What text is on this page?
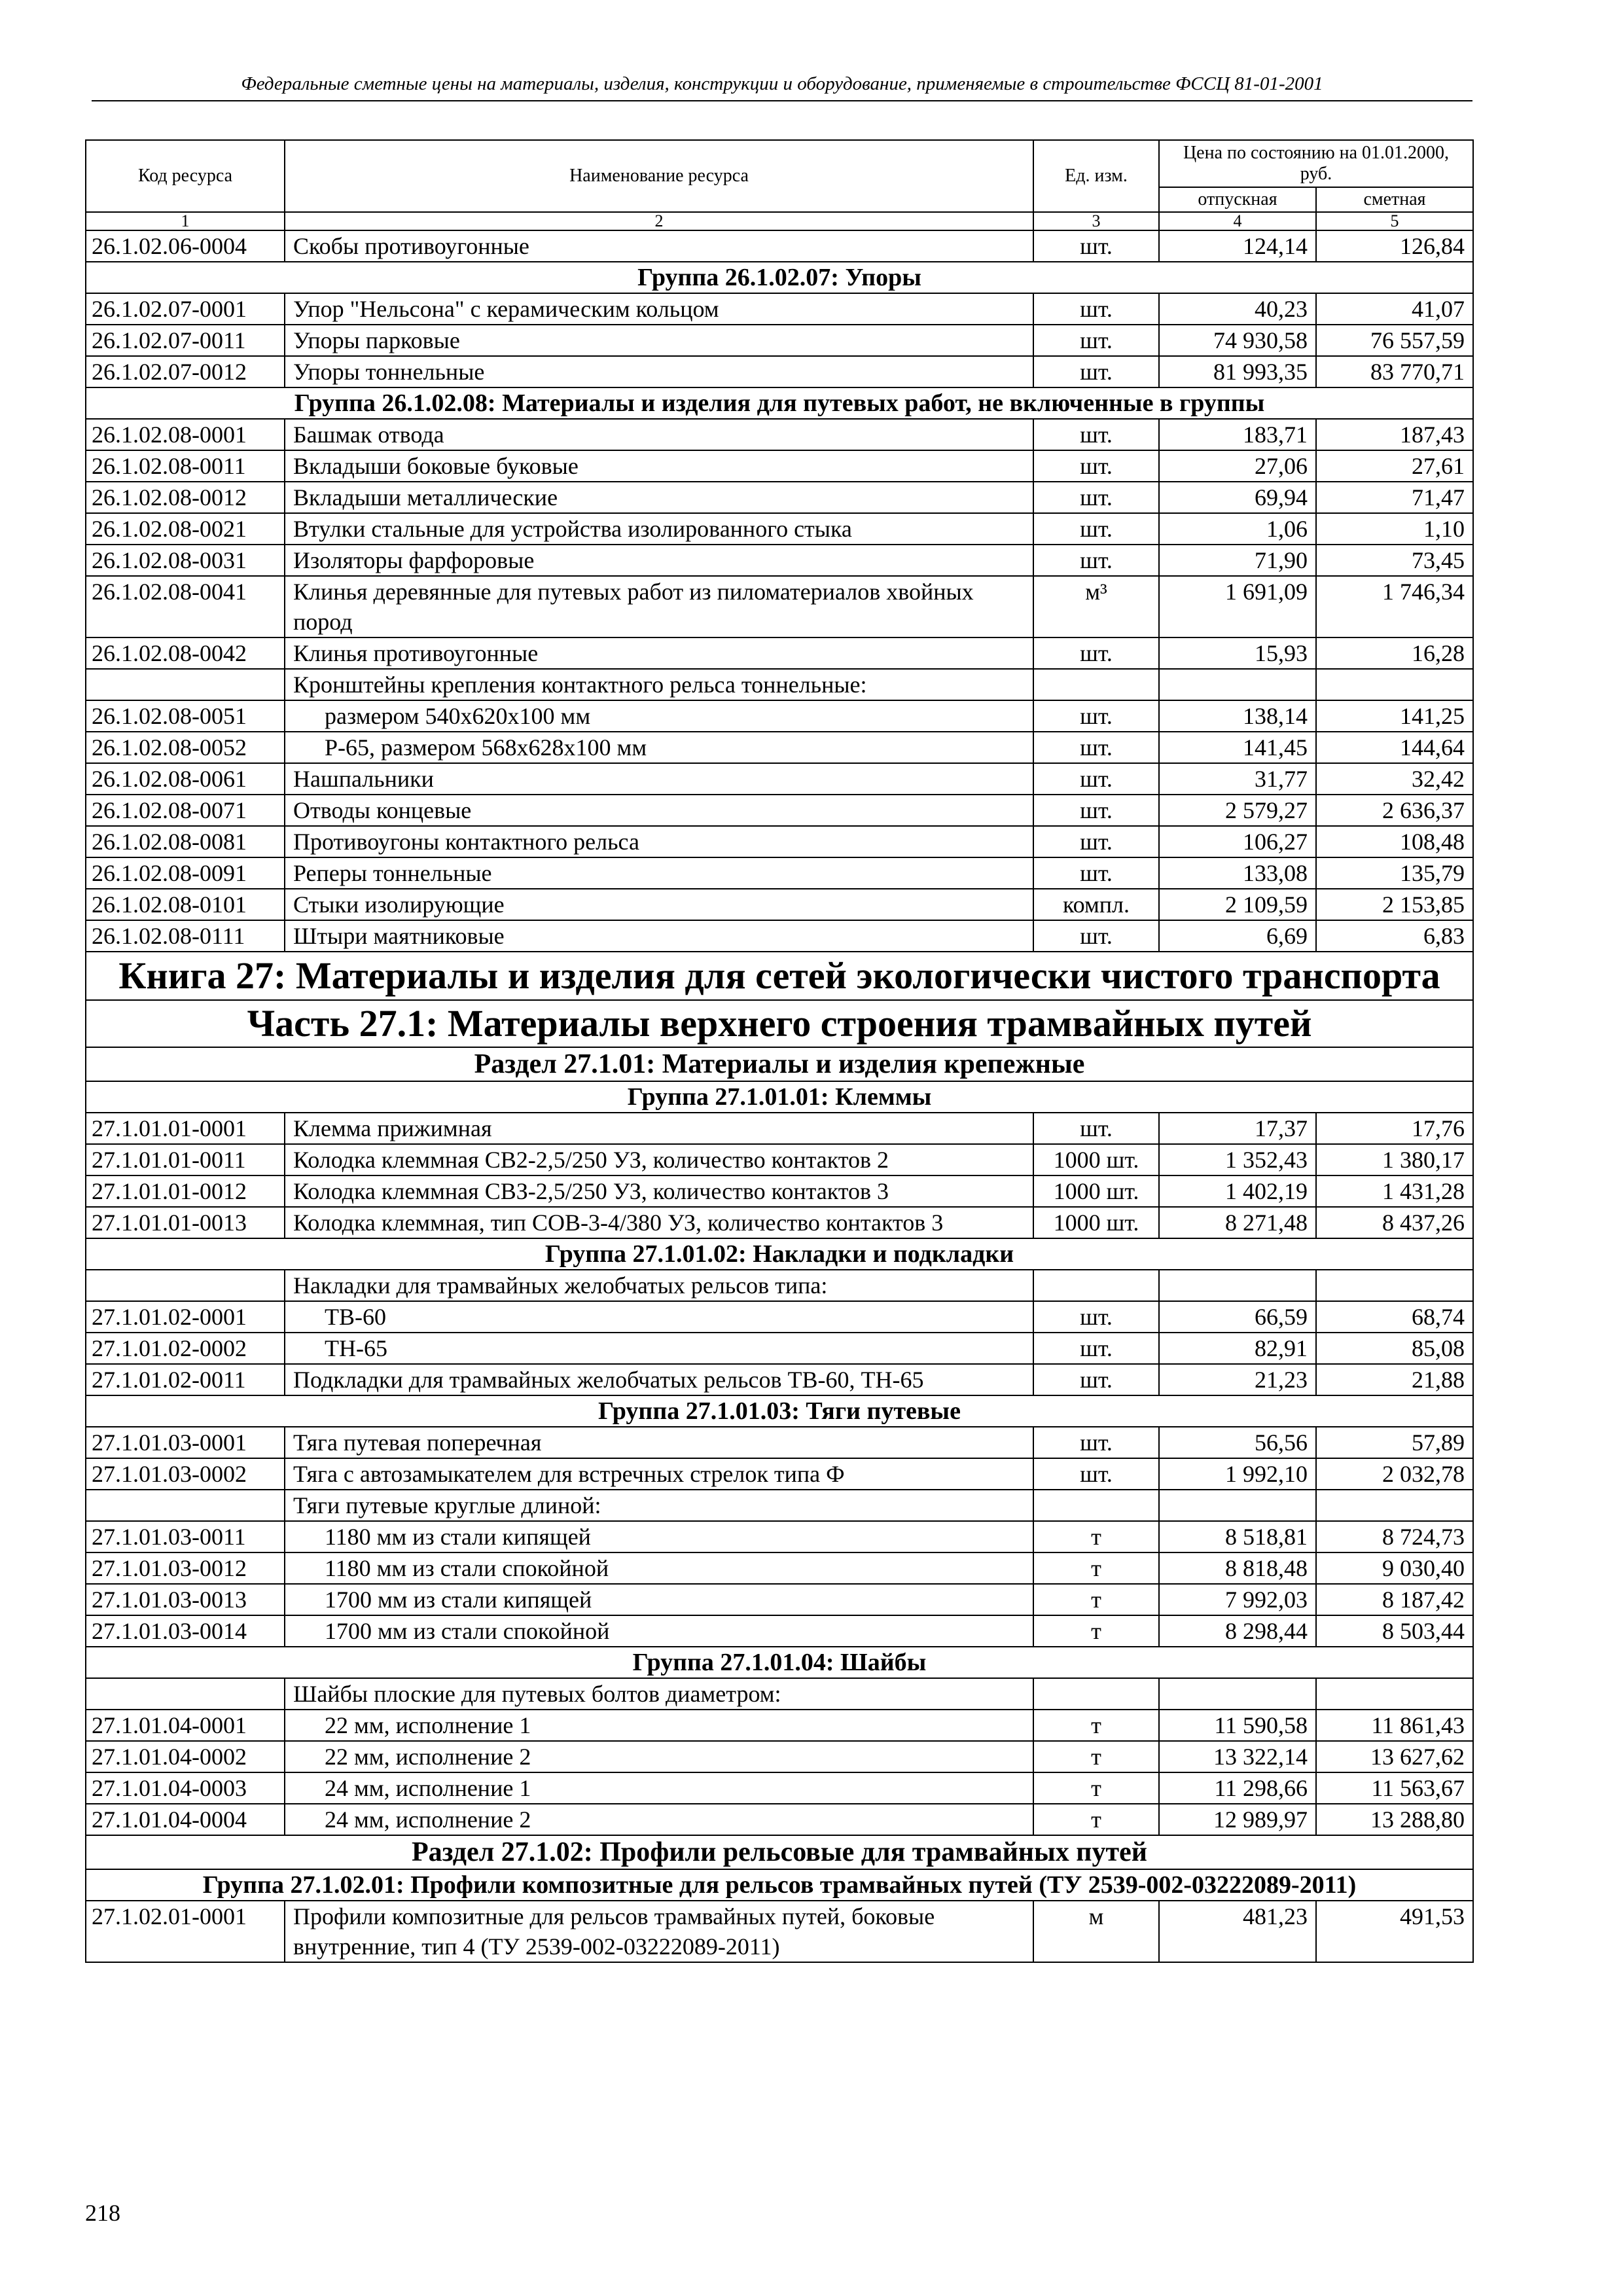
Федеральные сметные цены на материалы, изделия, конструкции и оборудование, применяемые в строительстве ФССЦ 81-01-2001
Код ресурса	Наименование ресурса	Ед. изм.	Цена по состоянию на 01.01.2000, руб.	
			отпускная	сметная
1	2	3	4	5
26.1.02.06-0004	Скобы противоугонные	шт.	124,14	126,84
Группа 26.1.02.07: Упоры				
26.1.02.07-0001	Упор "Нельсона" с керамическим кольцом	шт.	40,23	41,07
26.1.02.07-0011	Упоры парковые	шт.	74 930,58	76 557,59
26.1.02.07-0012	Упоры тоннельные	шт.	81 993,35	83 770,71
Группа 26.1.02.08: Материалы и изделия для путевых работ, не включенные в группы				
26.1.02.08-0001	Башмак отвода	шт.	183,71	187,43
26.1.02.08-0011	Вкладыши боковые буковые	шт.	27,06	27,61
26.1.02.08-0012	Вкладыши металлические	шт.	69,94	71,47
26.1.02.08-0021	Втулки стальные для устройства изолированного стыка	шт.	1,06	1,10
26.1.02.08-0031	Изоляторы фарфоровые	шт.	71,90	73,45
26.1.02.08-0041	Клинья деревянные для путевых работ из пиломатериалов хвойных пород	м³	1 691,09	1 746,34
26.1.02.08-0042	Клинья противоугонные	шт.	15,93	16,28
	Кронштейны крепления контактного рельса тоннельные:			
26.1.02.08-0051	размером 540x620x100 мм	шт.	138,14	141,25
26.1.02.08-0052	Р-65, размером 568x628x100 мм	шт.	141,45	144,64
26.1.02.08-0061	Нашпальники	шт.	31,77	32,42
26.1.02.08-0071	Отводы концевые	шт.	2 579,27	2 636,37
26.1.02.08-0081	Противоугоны контактного рельса	шт.	106,27	108,48
26.1.02.08-0091	Реперы тоннельные	шт.	133,08	135,79
26.1.02.08-0101	Стыки изолирующие	компл.	2 109,59	2 153,85
26.1.02.08-0111	Штыри маятниковые	шт.	6,69	6,83
Книга 27: Материалы и изделия для сетей экологически чистого транспорта				
Часть 27.1: Материалы верхнего строения трамвайных путей				
Раздел 27.1.01: Материалы и изделия крепежные				
Группа 27.1.01.01: Клеммы				
27.1.01.01-0001	Клемма прижимная	шт.	17,37	17,76
27.1.01.01-0011	Колодка клеммная СВ2-2,5/250 УЗ, количество контактов 2	1000 шт.	1 352,43	1 380,17
27.1.01.01-0012	Колодка клеммная СВЗ-2,5/250 УЗ, количество контактов 3	1000 шт.	1 402,19	1 431,28
27.1.01.01-0013	Колодка клеммная, тип СОВ-3-4/380 УЗ, количество контактов 3	1000 шт.	8 271,48	8 437,26
Группа 27.1.01.02: Накладки и подкладки				
	Накладки для трамвайных желобчатых рельсов типа:			
27.1.01.02-0001	ТВ-60	шт.	66,59	68,74
27.1.01.02-0002	ТН-65	шт.	82,91	85,08
27.1.01.02-0011	Подкладки для трамвайных желобчатых рельсов ТВ-60, ТН-65	шт.	21,23	21,88
Группа 27.1.01.03: Тяги путевые				
27.1.01.03-0001	Тяга путевая поперечная	шт.	56,56	57,89
27.1.01.03-0002	Тяга с автозамыкателем для встречных стрелок типа Ф	шт.	1 992,10	2 032,78
	Тяги путевые круглые длиной:			
27.1.01.03-0011	1180 мм из стали кипящей	т	8 518,81	8 724,73
27.1.01.03-0012	1180 мм из стали спокойной	т	8 818,48	9 030,40
27.1.01.03-0013	1700 мм из стали кипящей	т	7 992,03	8 187,42
27.1.01.03-0014	1700 мм из стали спокойной	т	8 298,44	8 503,44
Группа 27.1.01.04: Шайбы				
	Шайбы плоские для путевых болтов диаметром:			
27.1.01.04-0001	22 мм, исполнение 1	т	11 590,58	11 861,43
27.1.01.04-0002	22 мм, исполнение 2	т	13 322,14	13 627,62
27.1.01.04-0003	24 мм, исполнение 1	т	11 298,66	11 563,67
27.1.01.04-0004	24 мм, исполнение 2	т	12 989,97	13 288,80
Раздел 27.1.02: Профили рельсовые для трамвайных путей				
Группа 27.1.02.01: Профили композитные для рельсов трамвайных путей (ТУ 2539-002-03222089-2011)				
27.1.02.01-0001	Профили композитные для рельсов трамвайных путей, боковые внутренние, тип 4 (ТУ 2539-002-03222089-2011)	м	481,23	491,53
218
